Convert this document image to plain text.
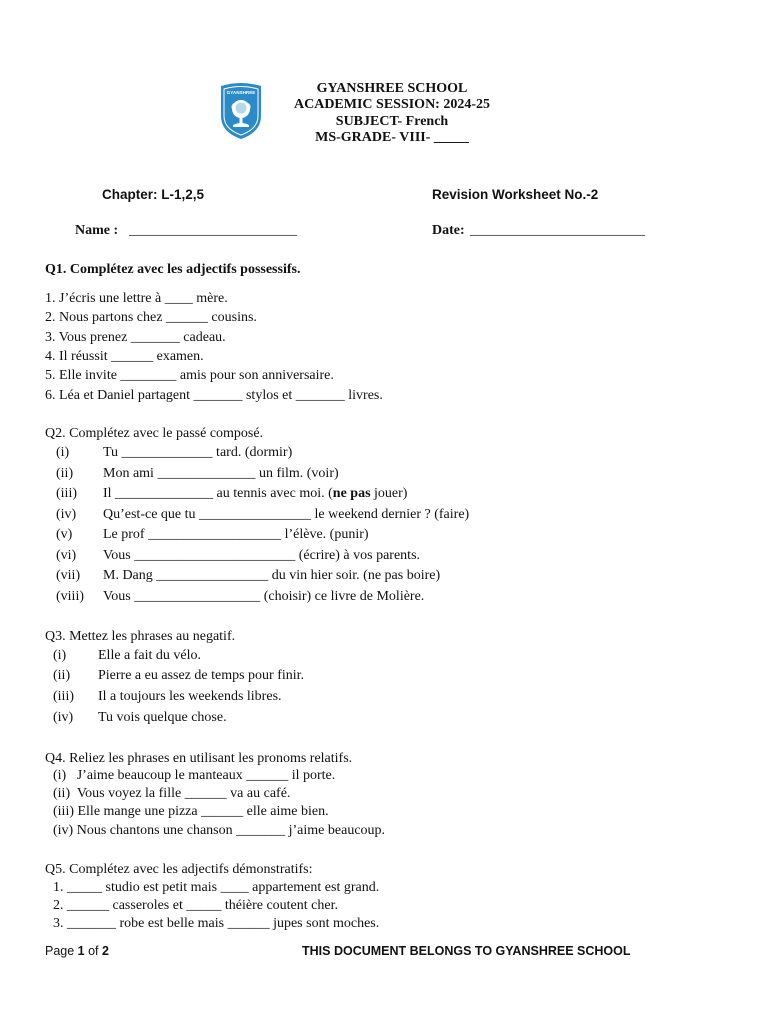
GYANSHREE	GYANSHREE SCHOOL
ACADEMIC SESSION: 2024-25
SUBJECT- French
MS-GRADE- VIII- _____
Chapter: L-1,2,5	Revision Worksheet No.-2
Name : ________________________	Date: _________________________
Q1. Complétez avec les adjectifs possessifs.
1. J’écris une lettre à ____ mère.
2. Nous partons chez ______ cousins.
3. Vous prenez _______ cadeau.
4. Il réussit ______ examen.
5. Elle invite ________ amis pour son anniversaire.
6. Léa et Daniel partagent _______ stylos et _______ livres.
Q2. Complétez avec le passé composé.
(i) Tu _____________ tard. (dormir)
(ii) Mon ami ______________ un film. (voir)
(iii) Il ______________ au tennis avec moi. (ne pas jouer)
(iv) Qu’est-ce que tu ________________ le weekend dernier ? (faire)
(v) Le prof ___________________ l’élève. (punir)
(vi) Vous _______________________ (écrire) à vos parents.
(vii) M. Dang ________________ du vin hier soir. (ne pas boire)
(viii) Vous __________________ (choisir) ce livre de Molière.
Q3. Mettez les phrases au negatif.
(i) Elle a fait du vélo.
(ii) Pierre a eu assez de temps pour finir.
(iii) Il a toujours les weekends libres.
(iv) Tu vois quelque chose.
Q4. Reliez les phrases en utilisant les pronoms relatifs.
(i)   J’aime beaucoup le manteaux ______ il porte.
(ii)  Vous voyez la fille ______ va au café.
(iii) Elle mange une pizza ______ elle aime bien.
(iv) Nous chantons une chanson _______ j’aime beaucoup.
Q5. Complétez avec les adjectifs démonstratifs:
1. _____ studio est petit mais ____ appartement est grand.
2. ______ casseroles et _____ théière coutent cher.
3. _______ robe est belle mais ______ jupes sont moches.
Page 1 of 2	THIS DOCUMENT BELONGS TO GYANSHREE SCHOOL
